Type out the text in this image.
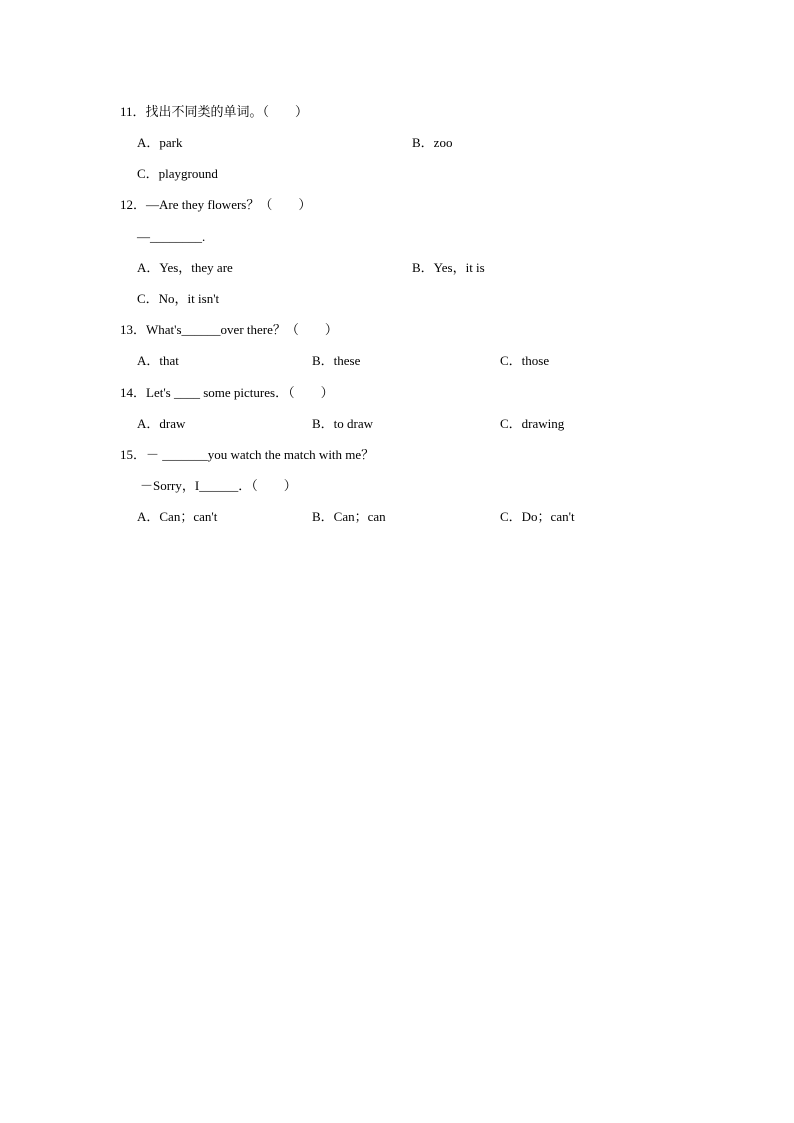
11．找出不同类的单词。（　　）
A．park	B．zoo
C．playground
12．—Are they flowers？（　　）
—________.
A．Yes，they are	B．Yes，it is
C．No，it isn't
13．What's______over there？（　　）
A．that	B．these	C．those
14．Let's ____ some pictures．（　　）
A．draw	B．to draw	C．drawing
15．－ _______you watch the match with me？
－Sorry，I______．（　　）
A．Can；can't	B．Can；can	C．Do；can't
